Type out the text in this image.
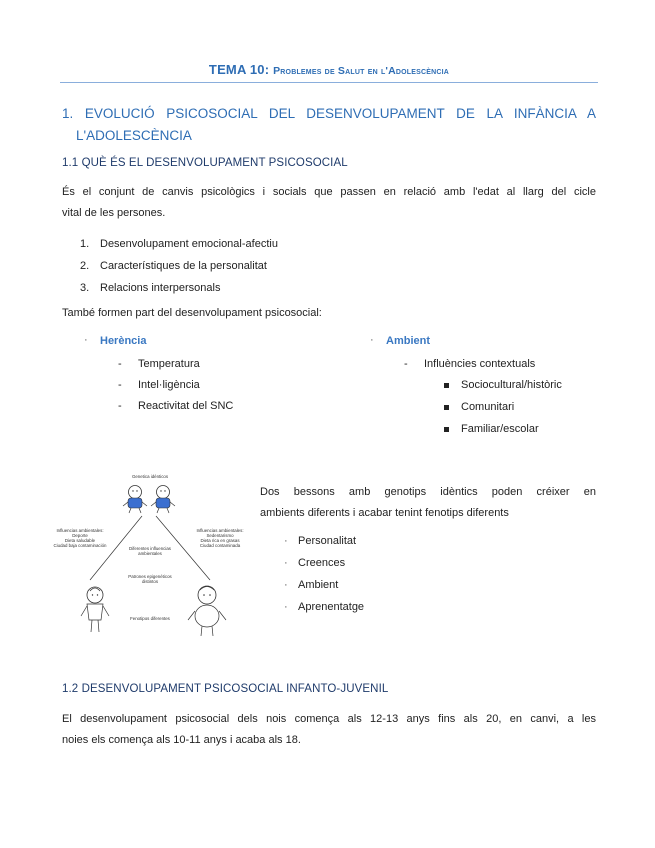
TEMA 10: Problemes de Salut en l'Adolescència
1. EVOLUCIÓ PSICOSOCIAL DEL DESENVOLUPAMENT DE LA INFÀNCIA A
L'ADOLESCÈNCIA
1.1 QUÈ ÉS EL DESENVOLUPAMENT PSICOSOCIAL
És el conjunt de canvis psicològics i socials que passen en relació amb l'edat al llarg del cicle
vital de les persones.
1. Desenvolupament emocional-afectiu
2. Característiques de la personalitat
3. Relacions interpersonals
També formen part del desenvolupament psicosocial:
· Herència
- Temperatura
- Intel·ligència
- Reactivitat del SNC
· Ambient
- Influències contextuals
Sociocultural/històric
Comunitari
Familiar/escolar
Genetica idénticos
Influencias ambientales:
Deporte
Dieta saludable
Ciudad baja contaminación
Influencias ambientales:
Sedentarismo
Dieta rica en grasas
Ciudad contaminada
Diferentes influencias
ambientales
Patrones epigenéticos
distintos
Fenotipos diferentes
Dos bessons amb genotips idèntics poden créixer en
ambients diferents i acabar tenint fenotips diferents
· Personalitat
· Creences
· Ambient
· Aprenentatge
1.2 DESENVOLUPAMENT PSICOSOCIAL INFANTO-JUVENIL
El desenvolupament psicosocial dels nois comença als 12-13 anys fins als 20, en canvi, a les
noies els comença als 10-11 anys i acaba als 18.
